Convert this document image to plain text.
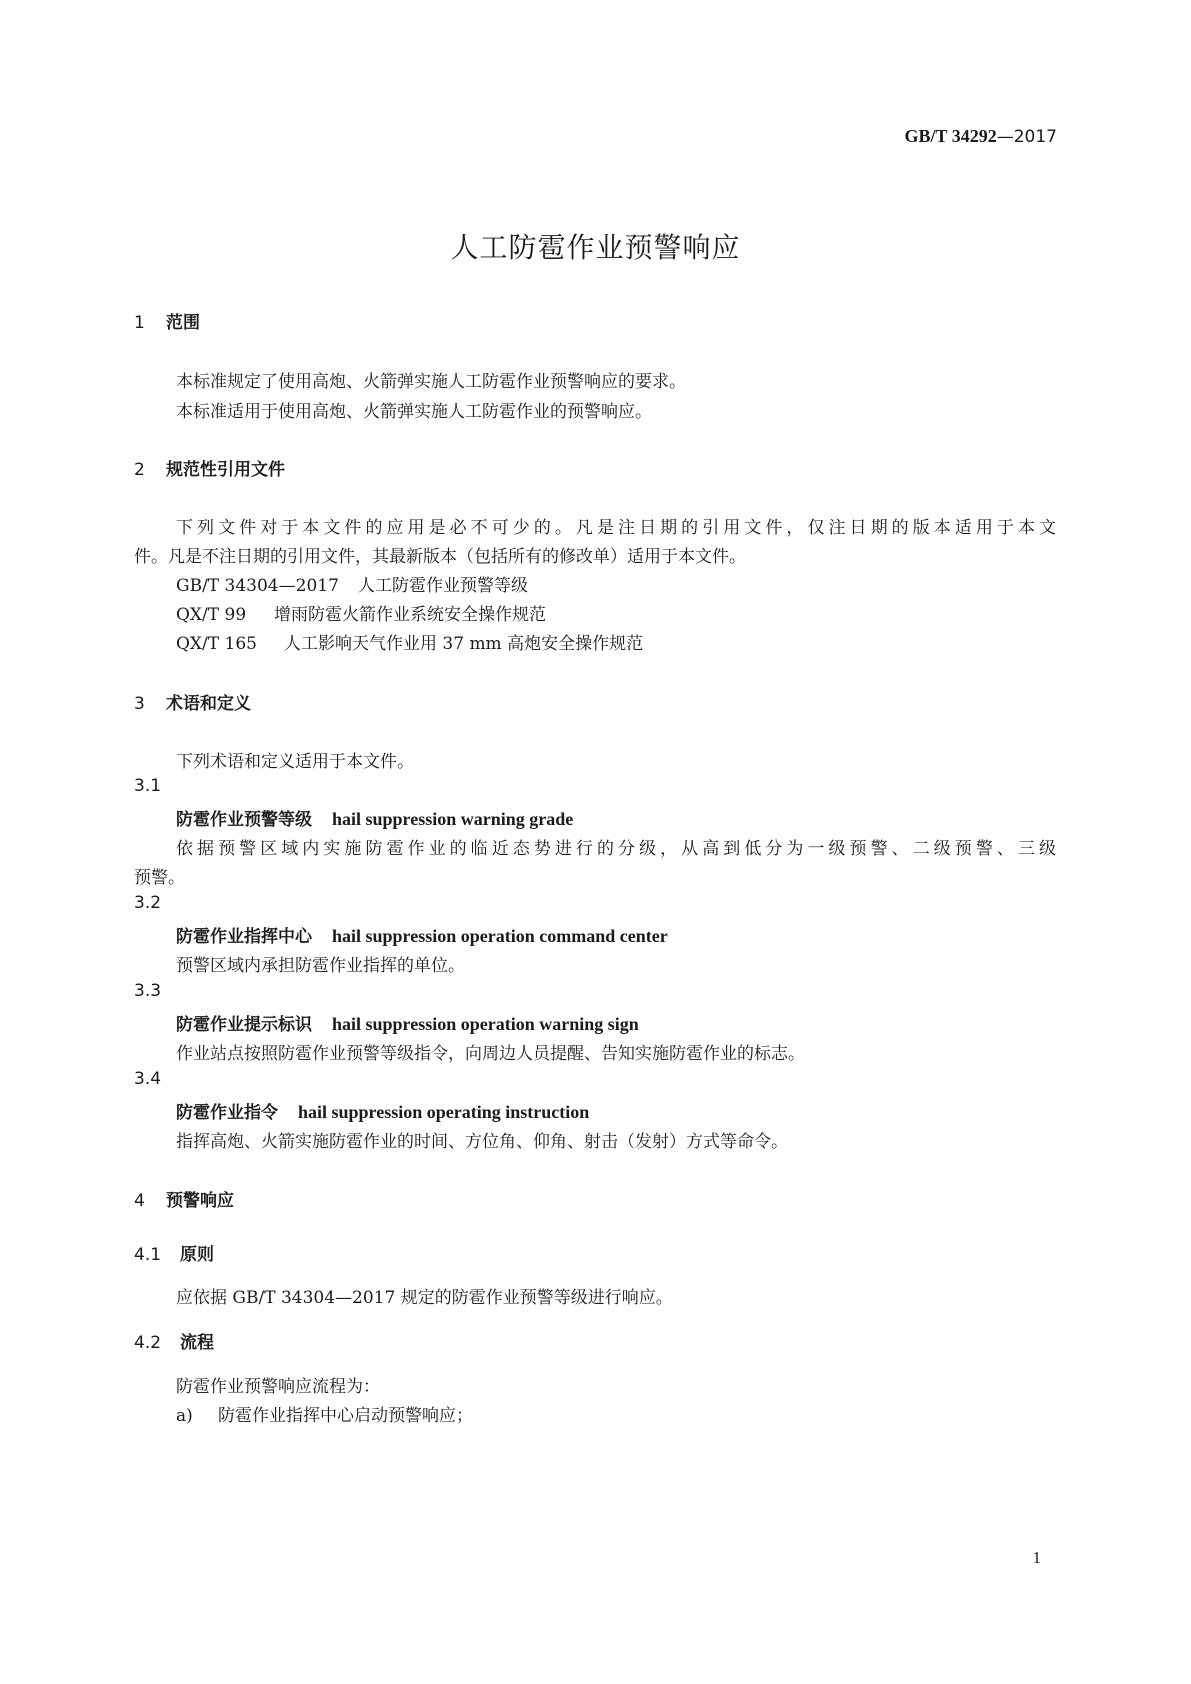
GB/T 34292—2017
人工防雹作业预警响应
1 范围
本标准规定了使用高炮、火箭弹实施人工防雹作业预警响应的要求。
本标准适用于使用高炮、火箭弹实施人工防雹作业的预警响应。
2 规范性引用文件
下列文件对于本文件的应用是必不可少的。凡是注日期的引用文件，仅注日期的版本适用于本文
件。凡是不注日期的引用文件，其最新版本（包括所有的修改单）适用于本文件。
GB/T 34304—2017 人工防雹作业预警等级
QX/T 99 增雨防雹火箭作业系统安全操作规范
QX/T 165 人工影响天气作业用 37 mm 高炮安全操作规范
3 术语和定义
下列术语和定义适用于本文件。
3.1
防雹作业预警等级 hail suppression warning grade
依据预警区域内实施防雹作业的临近态势进行的分级，从高到低分为一级预警、二级预警、三级
预警。
3.2
防雹作业指挥中心 hail suppression operation command center
预警区域内承担防雹作业指挥的单位。
3.3
防雹作业提示标识 hail suppression operation warning sign
作业站点按照防雹作业预警等级指令，向周边人员提醒、告知实施防雹作业的标志。
3.4
防雹作业指令 hail suppression operating instruction
指挥高炮、火箭实施防雹作业的时间、方位角、仰角、射击（发射）方式等命令。
4 预警响应
4.1 原则
应依据 GB/T 34304—2017 规定的防雹作业预警等级进行响应。
4.2 流程
防雹作业预警响应流程为：
a) 防雹作业指挥中心启动预警响应；
1
